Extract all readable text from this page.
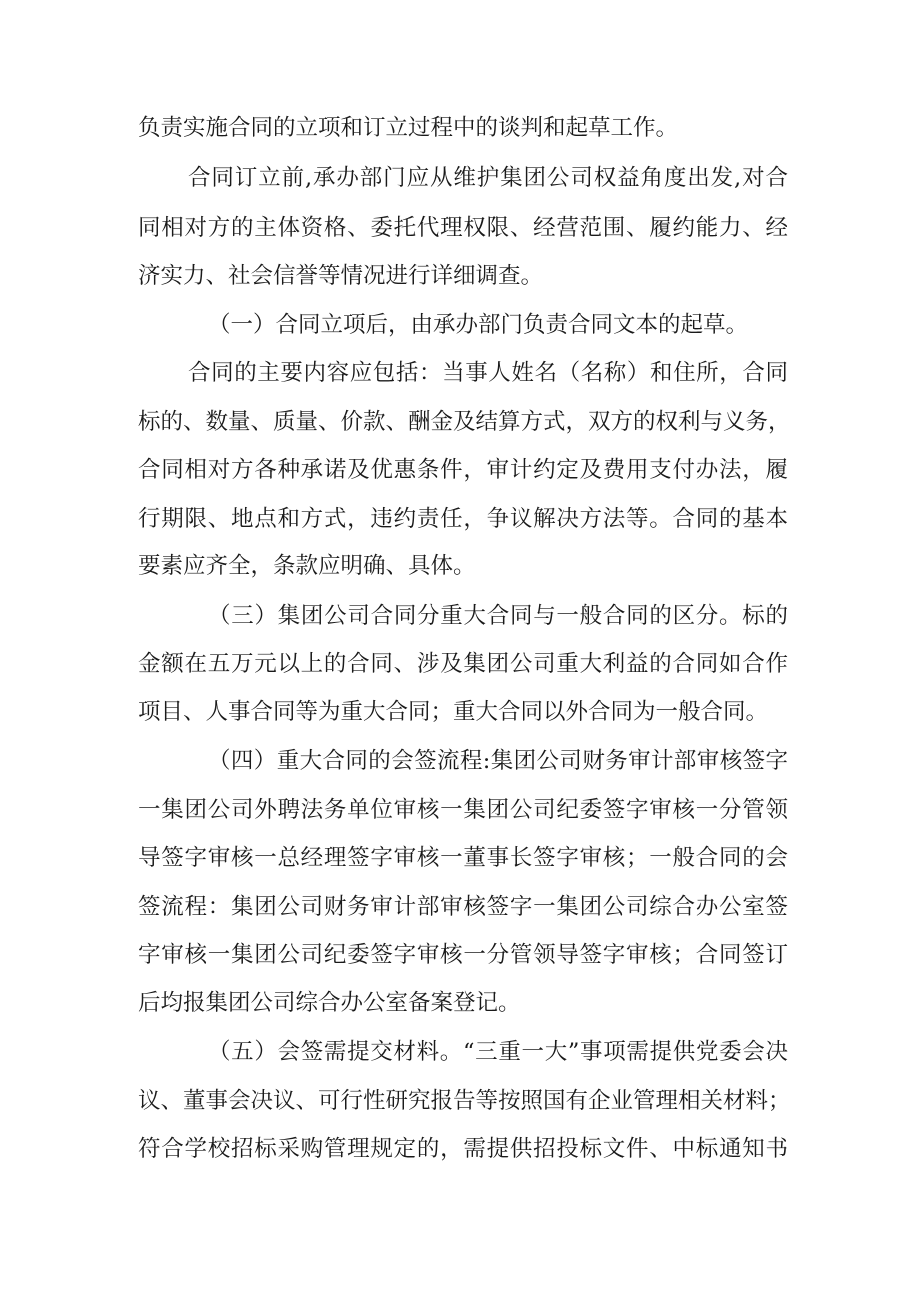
负责实施合同的立项和订立过程中的谈判和起草工作。
合同订立前,承办部门应从维护集团公司权益角度出发,对合
同相对方的主体资格、委托代理权限、经营范围、履约能力、经
济实力、社会信誉等情况进行详细调查。
（一）合同立项后，由承办部门负责合同文本的起草。
合同的主要内容应包括：当事人姓名（名称）和住所，合同
标的、数量、质量、价款、酬金及结算方式，双方的权利与义务，
合同相对方各种承诺及优惠条件，审计约定及费用支付办法，履
行期限、地点和方式，违约责任，争议解决方法等。合同的基本
要素应齐全，条款应明确、具体。
（三）集团公司合同分重大合同与一般合同的区分。标的
金额在五万元以上的合同、涉及集团公司重大利益的合同如合作
项目、人事合同等为重大合同；重大合同以外合同为一般合同。
（四）重大合同的会签流程:集团公司财务审计部审核签字
一集团公司外聘法务单位审核一集团公司纪委签字审核一分管领
导签字审核一总经理签字审核一董事长签字审核；一般合同的会
签流程：集团公司财务审计部审核签字一集团公司综合办公室签
字审核一集团公司纪委签字审核一分管领导签字审核；合同签订
后均报集团公司综合办公室备案登记。
（五）会签需提交材料。“三重一大”事项需提供党委会决
议、董事会决议、可行性研究报告等按照国有企业管理相关材料；
符合学校招标采购管理规定的，需提供招投标文件、中标通知书
